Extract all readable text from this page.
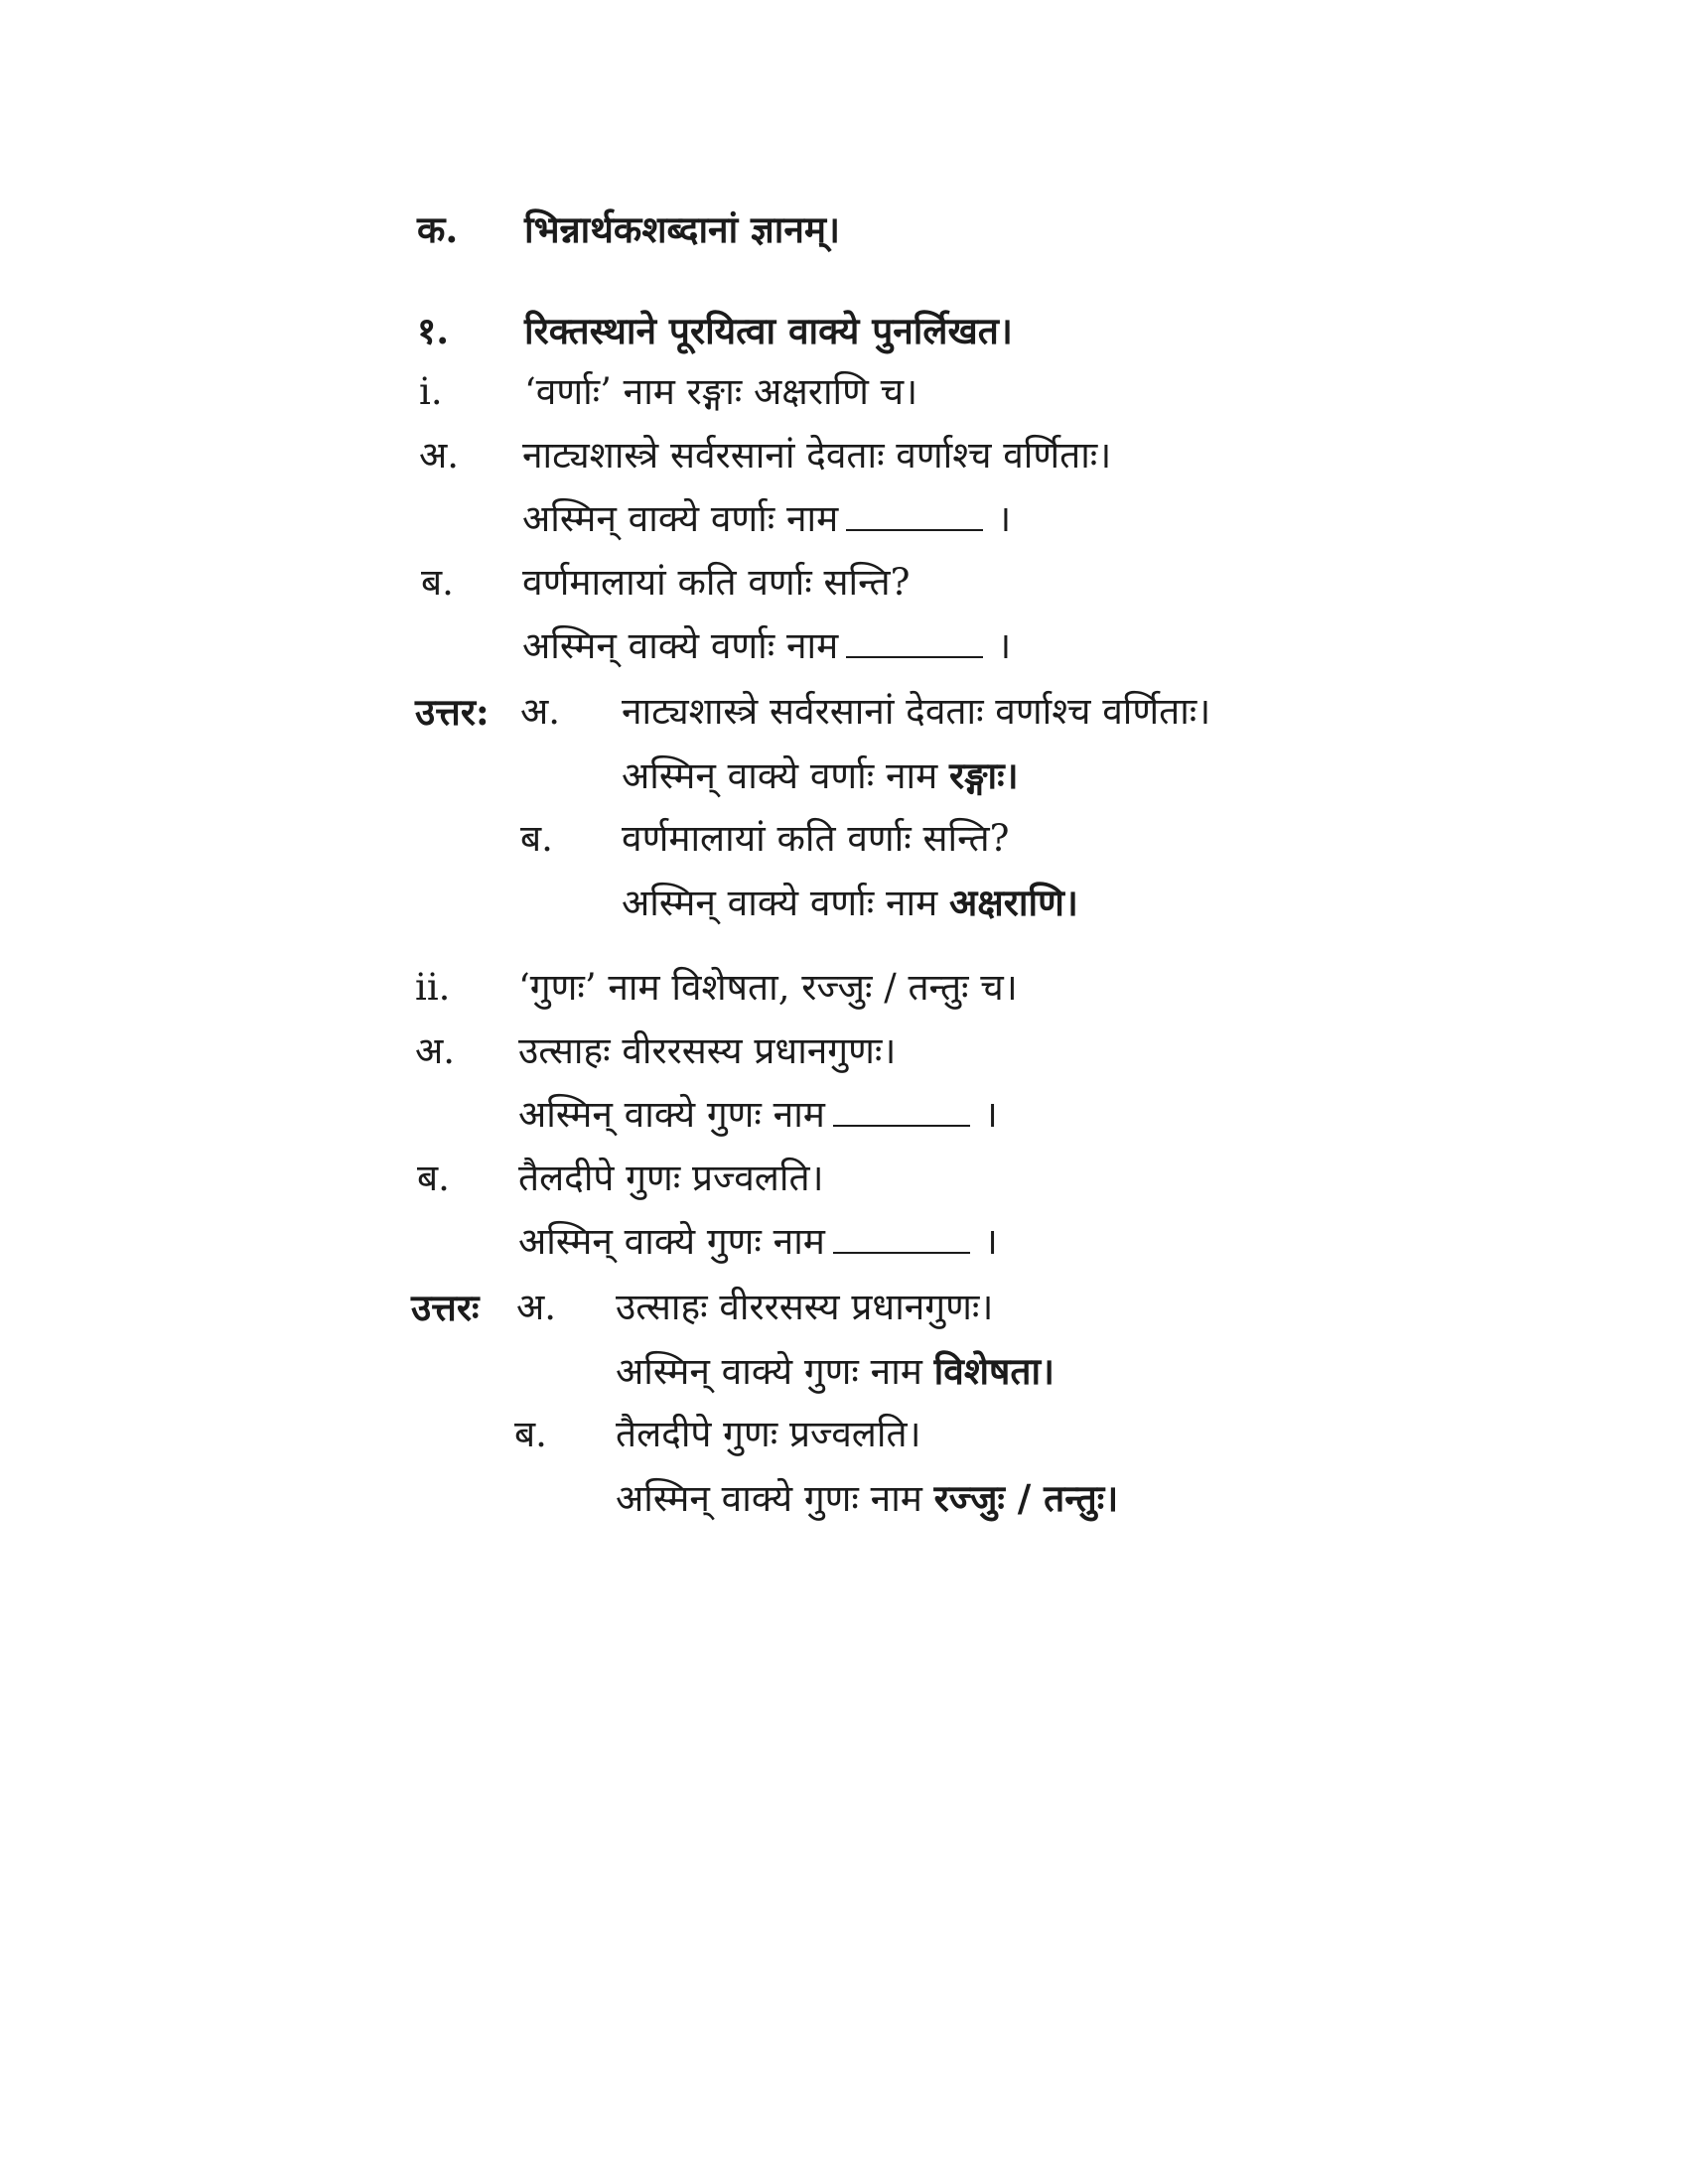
क. भिन्नार्थकशब्दानां ज्ञानम्।
१. रिक्तस्थाने पूरयित्वा वाक्ये पुनर्लिखत।
i. ‘वर्णाः’ नाम रङ्गाः अक्षराणि च।
अ. नाट्यशास्त्रे सर्वरसानां देवताः वर्णाश्च वर्णिताः।
अस्मिन् वाक्ये वर्णाः नाम	।
ब. वर्णमालायां कति वर्णाः सन्ति?
अस्मिन् वाक्ये वर्णाः नाम	।
उत्तर: अ. नाट्यशास्त्रे सर्वरसानां देवताः वर्णाश्च वर्णिताः।
अस्मिन् वाक्ये वर्णाः नाम रङ्गाः।
ब. वर्णमालायां कति वर्णाः सन्ति?
अस्मिन् वाक्ये वर्णाः नाम अक्षराणि।
ii. ‘गुणः’ नाम विशेषता, रज्जुः / तन्तुः च।
अ. उत्साहः वीररसस्य प्रधानगुणः।
अस्मिन् वाक्ये गुणः नाम	।
ब. तैलदीपे गुणः प्रज्वलति।
अस्मिन् वाक्ये गुणः नाम	।
उत्तरः अ. उत्साहः वीररसस्य प्रधानगुणः।
अस्मिन् वाक्ये गुणः नाम विशेषता।
ब. तैलदीपे गुणः प्रज्वलति।
अस्मिन् वाक्ये गुणः नाम रज्जुः / तन्तुः।
